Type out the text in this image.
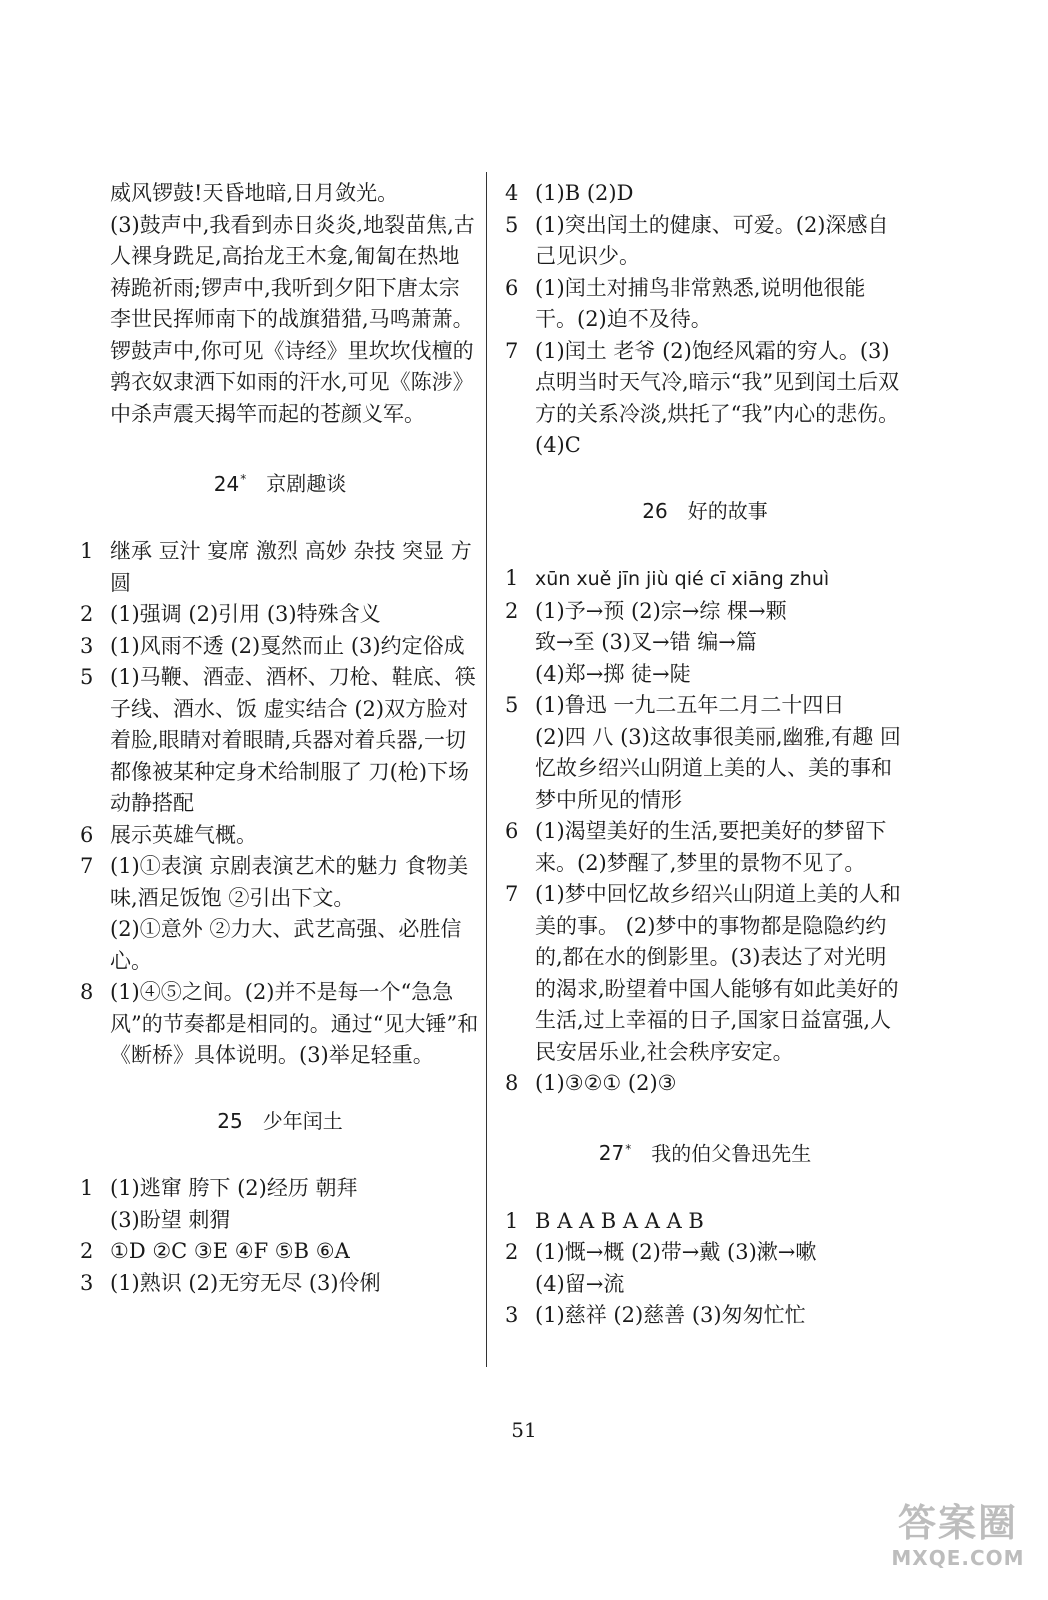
威风锣鼓!天昏地暗,日月敛光。

(3)鼓声中,我看到赤日炎炎,地裂苗焦,古人裸身跣足,高抬龙王木龛,匍匐在热地祷跪祈雨;锣声中,我听到夕阳下唐太宗李世民挥师南下的战旗猎猎,马鸣萧萧。锣鼓声中,你可见《诗经》里坎坎伐檀的鹑衣奴隶洒下如雨的汗水,可见《陈涉》中杀声震天揭竿而起的苍颜义军。

24* 京剧趣谈
1 继承 豆汁 宴席 激烈 高妙 杂技 突显 方圆
2 (1)强调 (2)引用 (3)特殊含义
3 (1)风雨不透 (2)戛然而止 (3)约定俗成
5 (1)马鞭、酒壶、酒杯、刀枪、鞋底、筷子线、酒水、饭 虚实结合 (2)双方脸对着脸,眼睛对着眼睛,兵器对着兵器,一切都像被某种定身术给制服了 刀(枪)下场 动静搭配
6 展示英雄气概。
7 (1)①表演 京剧表演艺术的魅力 食物美味,酒足饭饱 ②引出下文。
(2)①意外 ②力大、武艺高强、必胜信心。
8 (1)④⑤之间。(2)并不是每一个“急急风”的节奏都是相同的。通过“见大锤”和《断桥》具体说明。(3)举足轻重。
25 少年闰土
1 (1)逃窜 胯下 (2)经历 朝拜
(3)盼望 刺猬
2 ①D ②C ③E ④F ⑤B ⑥A
3 (1)熟识 (2)无穷无尽 (3)伶俐
4 (1)B (2)D
5 (1)突出闰土的健康、可爱。(2)深感自己见识少。
6 (1)闰土对捕鸟非常熟悉,说明他很能干。(2)迫不及待。
7 (1)闰土 老爷 (2)饱经风霜的穷人。(3)点明当时天气冷,暗示“我”见到闰土后双方的关系冷淡,烘托了“我”内心的悲伤。(4)C
26 好的故事
1 xūn xuě jīn jiù qié cī xiāng zhuì
2 (1)予→预 (2)宗→综 棵→颗
致→至 (3)叉→错 编→篇
(4)郑→掷 徒→陡
5 (1)鲁迅 一九二五年二月二十四日
(2)四 八 (3)这故事很美丽,幽雅,有趣 回忆故乡绍兴山阴道上美的人、美的事和梦中所见的情形
6 (1)渴望美好的生活,要把美好的梦留下来。(2)梦醒了,梦里的景物不见了。
7 (1)梦中回忆故乡绍兴山阴道上美的人和美的事。 (2)梦中的事物都是隐隐约约的,都在水的倒影里。(3)表达了对光明的渴求,盼望着中国人能够有如此美好的生活,过上幸福的日子,国家日益富强,人民安居乐业,社会秩序安定。
8 (1)③②① (2)③
27* 我的伯父鲁迅先生
1 B A A B A A A B
2 (1)慨→概 (2)带→戴 (3)漱→嗽
(4)留→流
3 (1)慈祥 (2)慈善 (3)匆匆忙忙
51
答案圈
MXQE.COM
